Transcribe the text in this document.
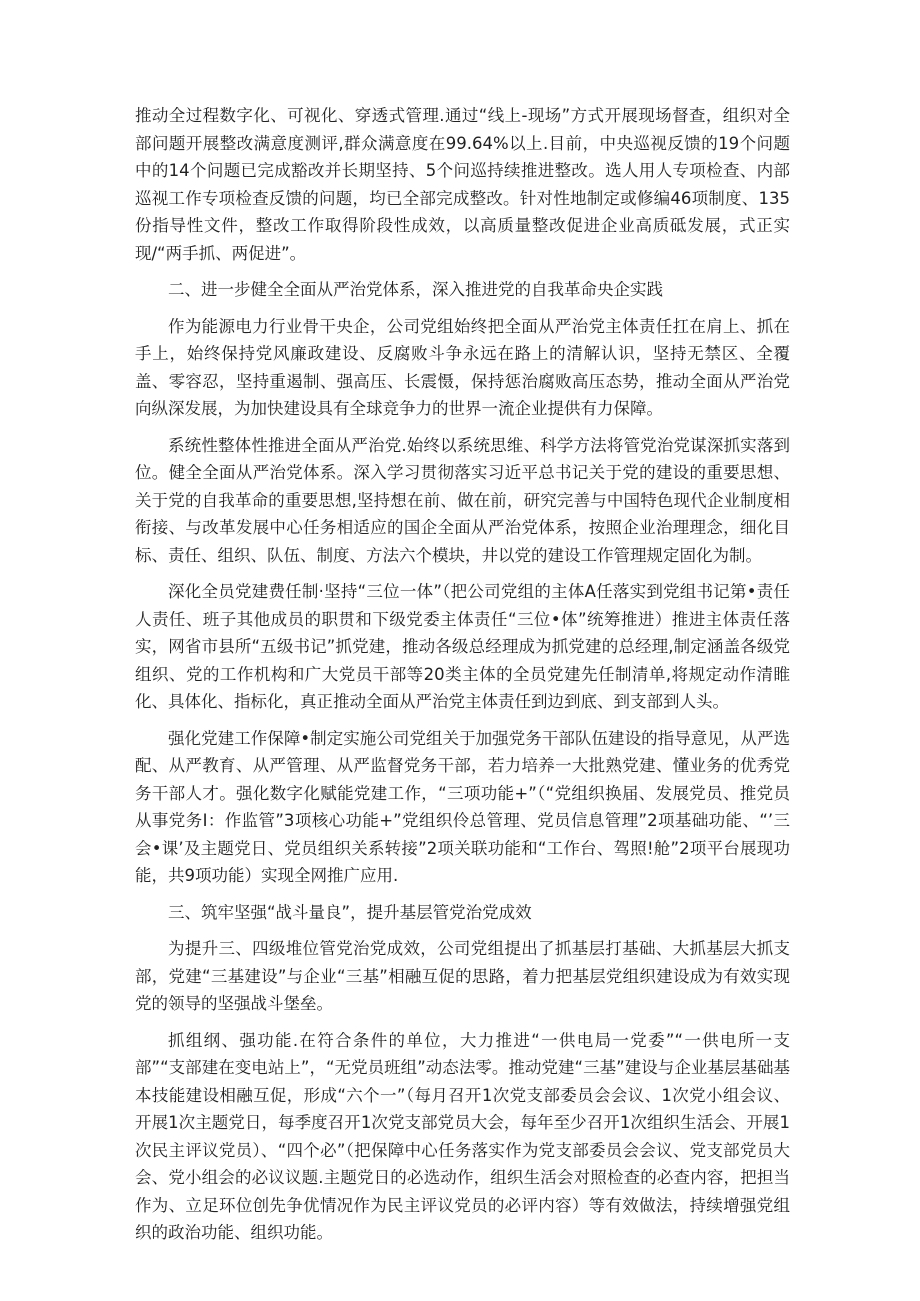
推动全过程数字化、可视化、穿透式管理.通过“线上-现场”方式开展现场督查，组织对全部问题开展整改满意度测评,群众满意度在99.64%以上.目前，中央巡视反馈的19个问题中的14个问题已完成豁改并长期坚持、5个问巡持续推进整改。选人用人专项检查、内部巡视工作专项检查反馈的问题，均已全部完成整改。针对性地制定或修编46项制度、135份指导性文件，整改工作取得阶段性成效，以高质量整改促进企业高质砥发展，式正实现/“两手抓、两促进”。

二、进一步健全全面从严治党体系，深入推进党的自我革命央企实践

作为能源电力行业骨干央企，公司党组始终把全面从严治党主体责任扛在肩上、抓在手上，始终保持党风廉政建设、反腐败斗争永远在路上的清解认识，坚持无禁区、全覆盖、零容忍，坚持重遏制、强高压、长震慑，保持惩治腐败高压态势，推动全面从严治党向纵深发展，为加快建设具有全球竞争力的世界一流企业提供有力保障。

系统性整体性推进全面从严治党.始终以系统思维、科学方法将管党治党谋深抓实落到位。健全全面从严治党体系。深入学习贯彻落实习近平总书记关于党的建设的重要思想、关于党的自我革命的重要思想,坚持想在前、做在前，研究完善与中国特色现代企业制度相衔接、与改革发展中心任务相适应的国企全面从严治党体系，按照企业治理理念，细化目标、责任、组织、队伍、制度、方法六个模块，井以党的建设工作管理规定固化为制。

深化全员党建费任制·坚持“三位一体”（把公司党组的主体A任落实到党组书记第•责任人责任、班子其他成员的职贯和下级党委主体责任“三位•体”统筹推进）推进主体责任落实，网省市县所“五级书记”抓党建，推动各级总经理成为抓党建的总经理,制定涵盖各级党组织、党的工作机构和广大党员干部等20类主体的全员党建先任制清单,将规定动作清睢化、具体化、指标化，真正推动全面从严治党主体责任到边到底、到支部到人头。

强化党建工作保障•制定实施公司党组关于加强党务干部队伍建设的指导意见，从严选配、从严教育、从严管理、从严监督党务干部，若力培养一大批熟党建、懂业务的优秀党务干部人才。强化数字化赋能党建工作，“三项功能+”（“党组织换届、发展党员、推党员从事党务I：作监管”3项核心功能+”党组织伶总管理、党员信息管理”2项基础功能、“’三会•课’及主题党日、党员组织关系转接”2项关联功能和“工作台、驾照!舱”2项平台展现功能，共9项功能）实现全网推广应用.

三、筑牢坚强“战斗量良”，提升基层管党治党成效

为提升三、四级堆位管党治党成效，公司党组提出了抓基层打基础、大抓基层大抓支部，党建“三基建设”与企业“三基”相融互促的思路，着力把基层党组织建设成为有效实现党的领导的坚强战斗堡垒。

抓组纲、强功能.在符合条件的单位，大力推进“一供电局一党委”“一供电所一支部”“支部建在变电站上”，“无党员班组”动态法零。推动党建“三基”建设与企业基层基础基本技能建设相融互促，形成“六个一”（每月召开1次党支部委员会会议、1次党小组会议、开展1次主题党日，每季度召开1次党支部党员大会，每年至少召开1次组织生活会、开展1次民主评议党员）、“四个必”（把保障中心任务落实作为党支部委员会会议、党支部党员大会、党小组会的必议议题.主题党日的必选动作，组织生活会对照检查的必查内容，把担当作为、立足环位创先争优情况作为民主评议党员的必评内容）等有效做法，持续增强党组织的政治功能、组织功能。
